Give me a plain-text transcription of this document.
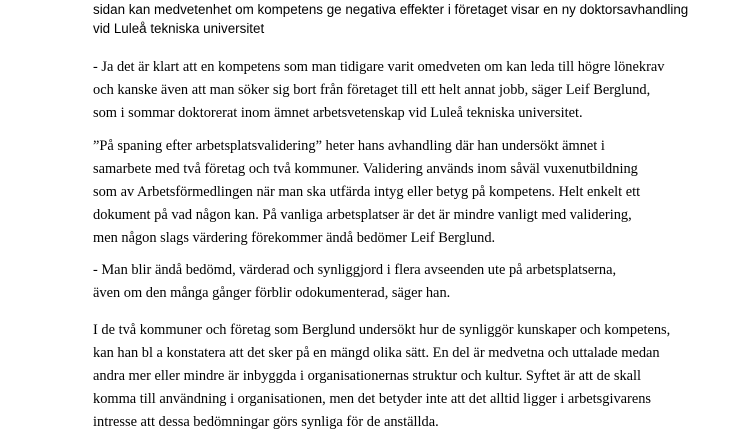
sidan kan medvetenhet om kompetens ge negativa effekter i företaget visar en ny doktorsavhandling
vid Luleå tekniska universitet

- Ja det är klart att en kompetens som man tidigare varit omedveten om kan leda till högre lönekrav
och kanske även att man söker sig bort från företaget till ett helt annat jobb, säger Leif Berglund,
som i sommar doktorerat inom ämnet arbetsvetenskap vid Luleå tekniska universitet.

”På spaning efter arbetsplatsvalidering” heter hans avhandling där han undersökt ämnet i
samarbete med två företag och två kommuner. Validering används inom såväl vuxenutbildning
som av Arbetsförmedlingen när man ska utfärda intyg eller betyg på kompetens. Helt enkelt ett
dokument på vad någon kan. På vanliga arbetsplatser är det är mindre vanligt med validering,
men någon slags värdering förekommer ändå bedömer Leif Berglund.

- Man blir ändå bedömd, värderad och synliggjord i flera avseenden ute på arbetsplatserna,
även om den många gånger förblir odokumenterad, säger han.

I de två kommuner och företag som Berglund undersökt hur de synliggör kunskaper och kompetens,
kan han bl a konstatera att det sker på en mängd olika sätt. En del är medvetna och uttalade medan
andra mer eller mindre är inbyggda i organisationernas struktur och kultur. Syftet är att de skall
komma till användning i organisationen, men det betyder inte att det alltid ligger i arbetsgivarens
intresse att dessa bedömningar görs synliga för de anställda.
